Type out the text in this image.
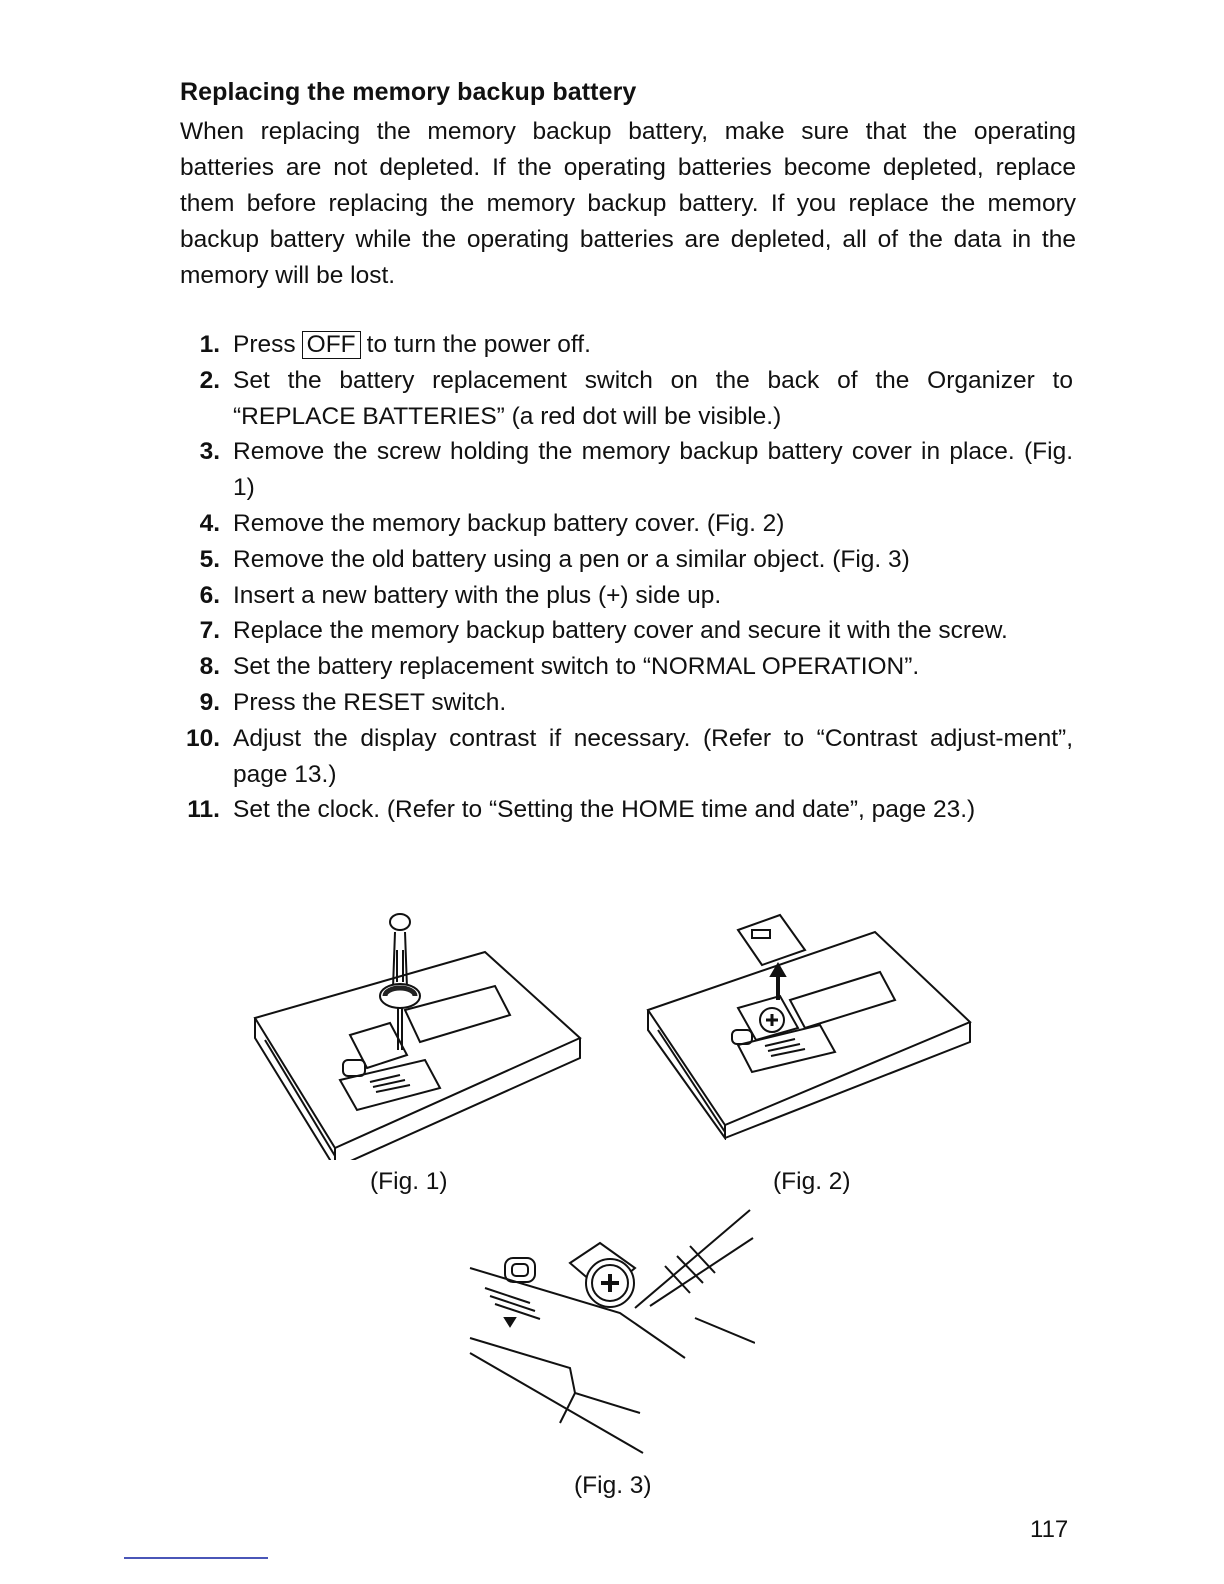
Replacing the memory backup battery
When replacing the memory backup battery, make sure that the operating batteries are not depleted. If the operating batteries become depleted, replace them before replacing the memory backup battery. If you replace the memory backup battery while the operating batteries are depleted, all of the data in the memory will be lost.
1. Press OFF to turn the power off.
2. Set the battery replacement switch on the back of the Organizer to “REPLACE BATTERIES” (a red dot will be visible.)
3. Remove the screw holding the memory backup battery cover in place. (Fig. 1)
4. Remove the memory backup battery cover. (Fig. 2)
5. Remove the old battery using a pen or a similar object. (Fig. 3)
6. Insert a new battery with the plus (+) side up.
7. Replace the memory backup battery cover and secure it with the screw.
8. Set the battery replacement switch to “NORMAL OPERATION”.
9. Press the RESET switch.
10. Adjust the display contrast if necessary. (Refer to “Contrast adjust-ment”, page 13.)
11. Set the clock. (Refer to “Setting the HOME time and date”, page 23.)
(Fig. 1)	(Fig. 2)
(Fig. 3)
117
